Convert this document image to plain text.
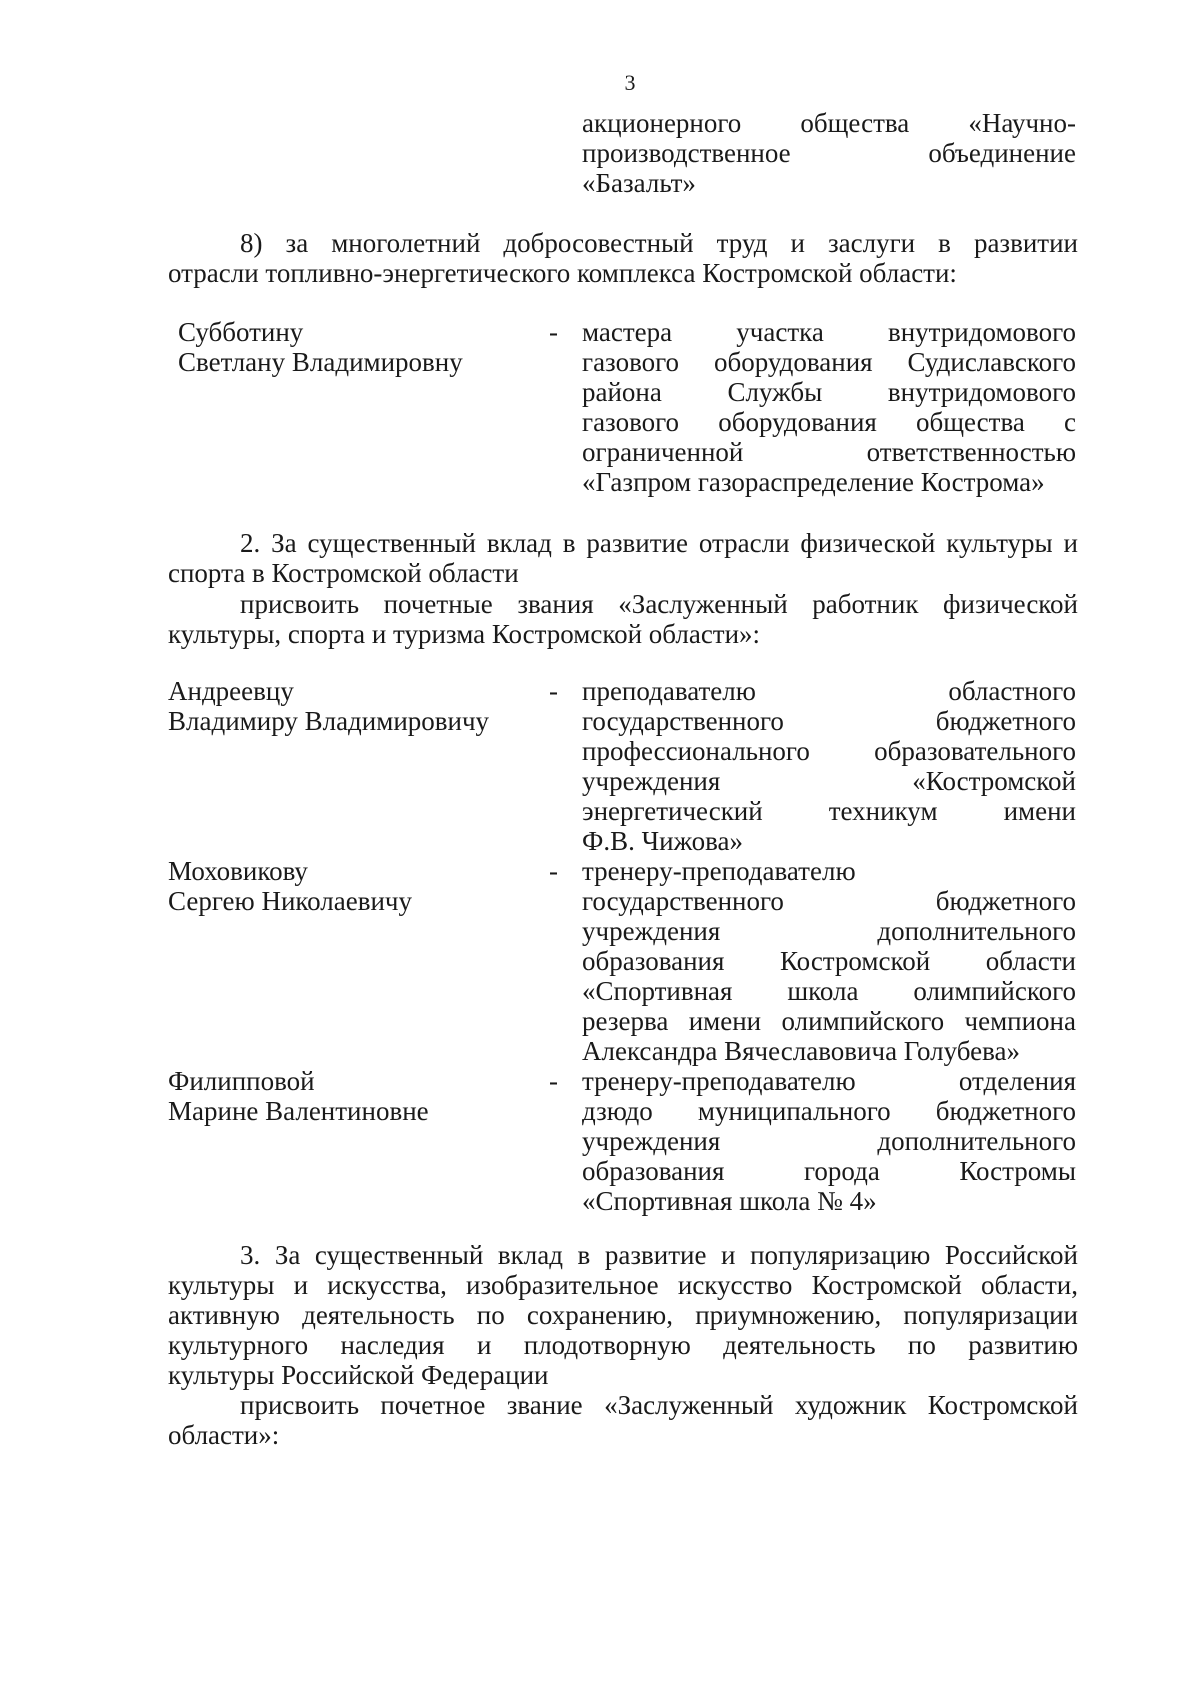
3
акционерного общества «Научно-
производственное объединение
«Базальт»
8) за многолетний добросовестный труд и заслуги в развитии
отрасли топливно-энергетического комплекса Костромской области:
Субботину
Светлану Владимировну
- мастера участка внутридомового
газового оборудования Судиславского
района Службы внутридомового
газового оборудования общества с
ограниченной ответственностью
«Газпром газораспределение Кострома»
2. За существенный вклад в развитие отрасли физической культуры и
спорта в Костромской области
присвоить почетные звания «Заслуженный работник физической
культуры, спорта и туризма Костромской области»:
Андреевцу
Владимиру Владимировичу
- преподавателю областного
государственного бюджетного
профессионального образовательного
учреждения «Костромской
энергетический техникум имени
Ф.В. Чижова»
Моховикову
Сергею Николаевичу
- тренеру-преподавателю
государственного бюджетного
учреждения дополнительного
образования Костромской области
«Спортивная школа олимпийского
резерва имени олимпийского чемпиона
Александра Вячеславовича Голубева»
Филипповой
Марине Валентиновне
- тренеру-преподавателю отделения
дзюдо муниципального бюджетного
учреждения дополнительного
образования города Костромы
«Спортивная школа № 4»
3. За существенный вклад в развитие и популяризацию Российской
культуры и искусства, изобразительное искусство Костромской области,
активную деятельность по сохранению, приумножению, популяризации
культурного наследия и плодотворную деятельность по развитию
культуры Российской Федерации
присвоить почетное звание «Заслуженный художник Костромской
области»:
